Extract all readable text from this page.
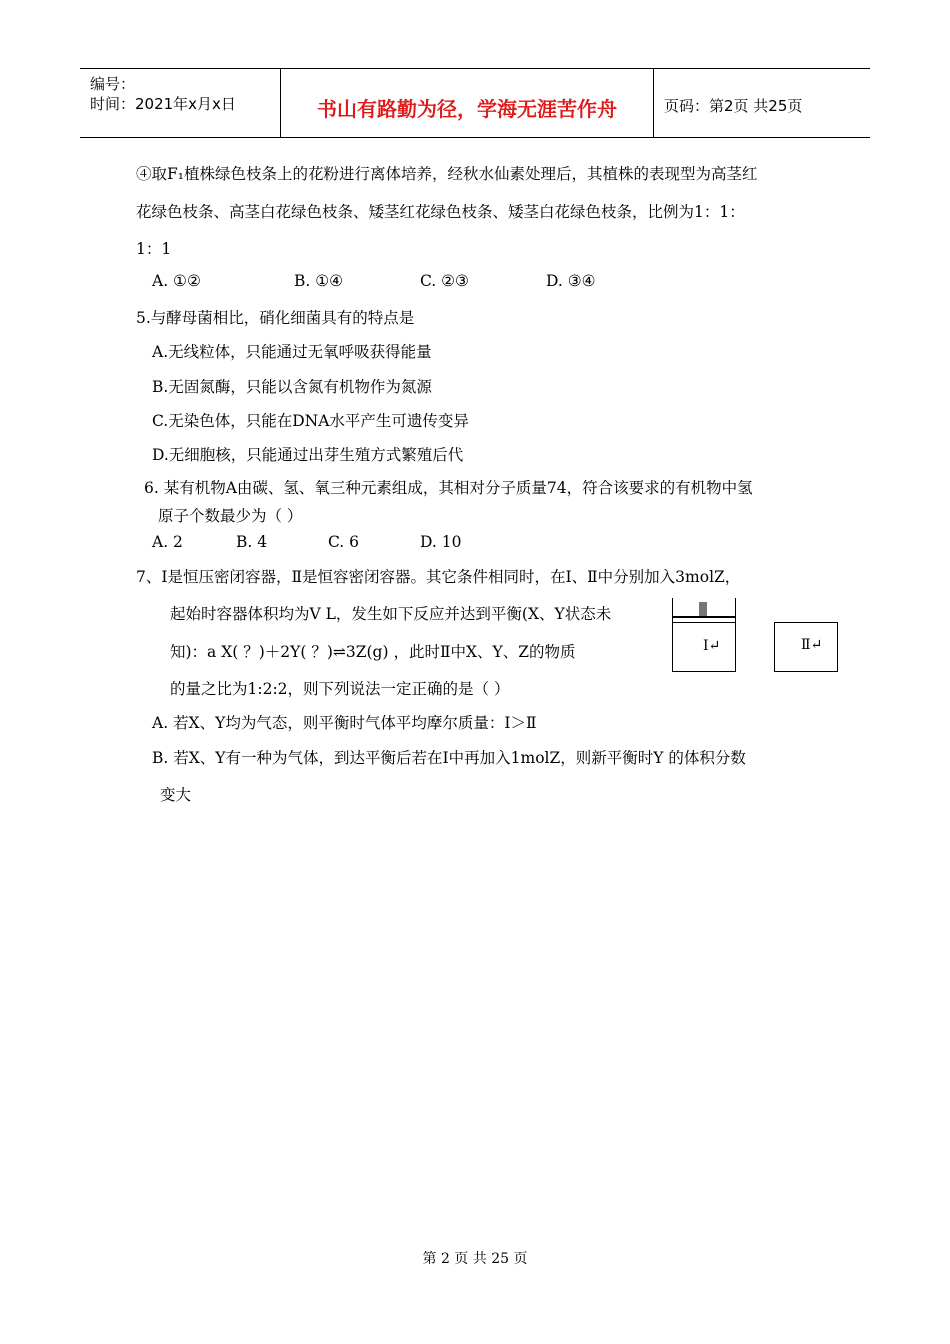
编号：
时间：2021年x月x日	书山有路勤为径，学海无涯苦作舟	页码：第2页 共25页
④取F₁植株绿色枝条上的花粉进行离体培养，经秋水仙素处理后，其植株的表现型为高茎红
花绿色枝条、高茎白花绿色枝条、矮茎红花绿色枝条、矮茎白花绿色枝条，比例为1：1：
1：1
A. ①②	B. ①④	C. ②③	D. ③④
5.与酵母菌相比，硝化细菌具有的特点是
A.无线粒体，只能通过无氧呼吸获得能量
B.无固氮酶，只能以含氮有机物作为氮源
C.无染色体，只能在DNA水平产生可遗传变异
D.无细胞核，只能通过出芽生殖方式繁殖后代
6. 某有机物A由碳、氢、氧三种元素组成，其相对分子质量74，符合该要求的有机物中氢
原子个数最少为（ ）
A. 2	B. 4	C. 6	D. 10
7、Ⅰ是恒压密闭容器，Ⅱ是恒容密闭容器。其它条件相同时，在Ⅰ、Ⅱ中分别加入3molZ，
起始时容器体积均为V L，发生如下反应并达到平衡(X、Y状态未
知)：a X( ？)＋2Y( ？)⇌3Z(g) ，此时Ⅱ中X、Y、Z的物质
的量之比为1:2:2，则下列说法一定正确的是（ ）
Ⅰ↵	Ⅱ↵
A. 若X、Y均为气态，则平衡时气体平均摩尔质量：Ⅰ＞Ⅱ
B. 若X、Y有一种为气体，到达平衡后若在Ⅰ中再加入1molZ，则新平衡时Y 的体积分数
变大
第 2 页 共 25 页
